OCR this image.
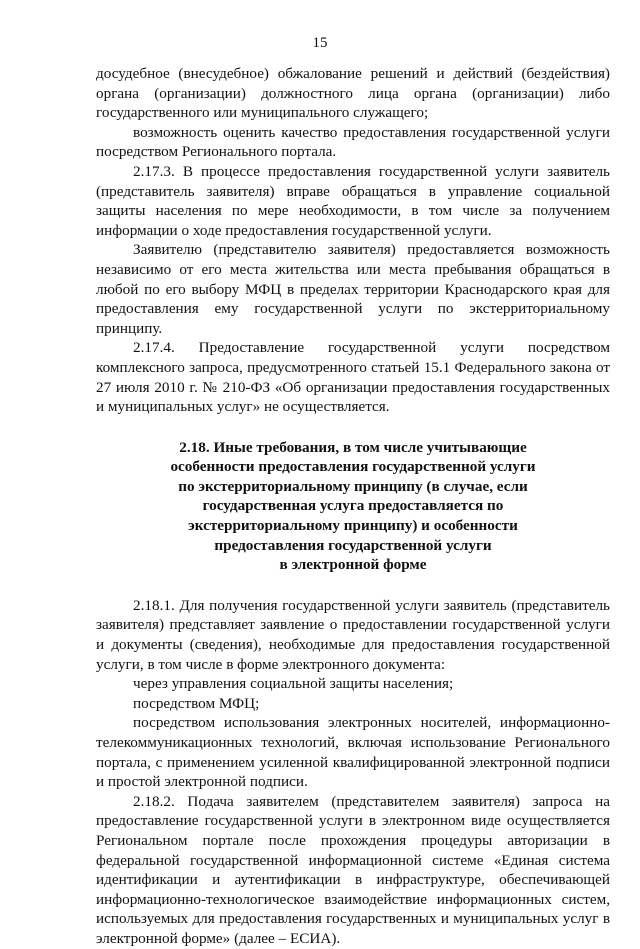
15

досудебное (внесудебное) обжалование решений и действий (бездействия) органа (организации) должностного лица органа (организации) либо государственного или муниципального служащего;

возможность оценить качество предоставления государственной услуги посредством Регионального портала.

2.17.3. В процессе предоставления государственной услуги заявитель (представитель заявителя) вправе обращаться в управление социальной защиты населения по мере необходимости, в том числе за получением информации о ходе предоставления государственной услуги.

Заявителю (представителю заявителя) предоставляется возможность независимо от его места жительства или места пребывания обращаться в любой по его выбору МФЦ в пределах территории Краснодарского края для предоставления ему государственной услуги по экстерриториальному принципу.

2.17.4. Предоставление государственной услуги посредством комплексного запроса, предусмотренного статьей 15.1 Федерального закона от 27 июля 2010 г. № 210-ФЗ «Об организации предоставления государственных и муниципальных услуг» не осуществляется.

2.18. Иные требования, в том числе учитывающие
особенности предоставления государственной услуги
по экстерриториальному принципу (в случае, если
государственная услуга предоставляется по
экстерриториальному принципу) и особенности
предоставления государственной услуги
в электронной форме

2.18.1. Для получения государственной услуги заявитель (представитель заявителя) представляет заявление о предоставлении государственной услуги и документы (сведения), необходимые для предоставления государственной услуги, в том числе в форме электронного документа:

через управления социальной защиты населения;

посредством МФЦ;

посредством использования электронных носителей, информационно-телекоммуникационных технологий, включая использование Регионального портала, с применением усиленной квалифицированной электронной подписи и простой электронной подписи.

2.18.2. Подача заявителем (представителем заявителя) запроса на предоставление государственной услуги в электронном виде осуществляется Региональном портале после прохождения процедуры авторизации в федеральной государственной информационной системе «Единая система идентификации и аутентификации в инфраструктуре, обеспечивающей информационно-технологическое взаимодействие информационных систем, используемых для предоставления государственных и муниципальных услуг в электронной форме» (далее – ЕСИА).
